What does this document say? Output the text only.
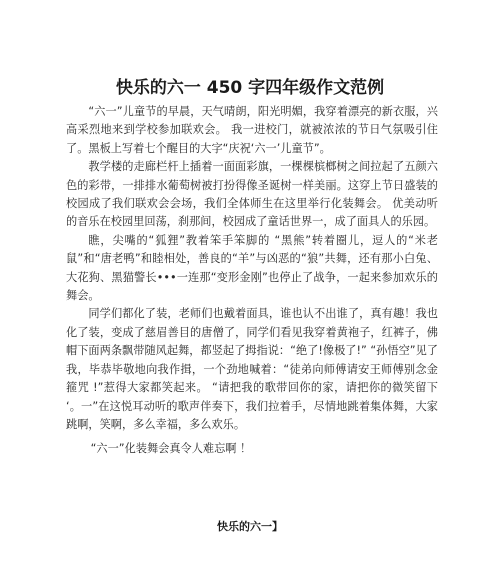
快乐的六一 450 字四年级作文范例

“六一”儿童节的早晨，天气晴朗，阳光明媚，我穿着漂亮的新衣服，兴高采烈地来到学校参加联欢会。 我一进校门，就被浓浓的节日气氛吸引住了。黑板上写着七个醒目的大字“庆祝‘六一’儿童节”。

教学楼的走廊栏杆上插着一面面彩旗，一棵棵槟榔树之间拉起了五颜六色的彩带，一排排水葡萄树被打扮得像圣诞树一样美丽。这穿上节日盛装的校园成了我们联欢会会场，我们全体师生在这里举行化装舞会。 优美动听的音乐在校园里回荡，刹那间，校园成了童话世界一，成了面具人的乐园。

瞧，尖嘴的“狐狸”教着笨手笨脚的 “黑熊”转着圈儿，逗人的“米老鼠”和“唐老鸭”和睦相处，善良的“羊”与凶恶的“狼”共舞，还有那小白兔、大花狗、黑猫警长•••一连那“变形金刚”也停止了战争，一起来参加欢乐的舞会。

同学们都化了装，老师们也戴着面具，谁也认不出谁了，真有趣！我也化了装，变成了慈眉善目的唐僧了，同学们看见我穿着黄袍子，红裤子，佛帽下面两条飘带随风起舞，都竖起了拇指说：“绝了!像极了!” “孙悟空”见了我，毕恭毕敬地向我作揖，一个劲地喊着：“徒弟向师傅请安王师傅别念金箍咒 !”惹得大家都笑起来。 “请把我的歌带回你的家，请把你的微笑留下 ‘。一”在这悦耳动听的歌声伴奏下，我们拉着手，尽情地跳着集体舞，大家跳啊，笑啊，多么幸福，多么欢乐。

“六一”化装舞会真令人难忘啊 ！

快乐的六一】
